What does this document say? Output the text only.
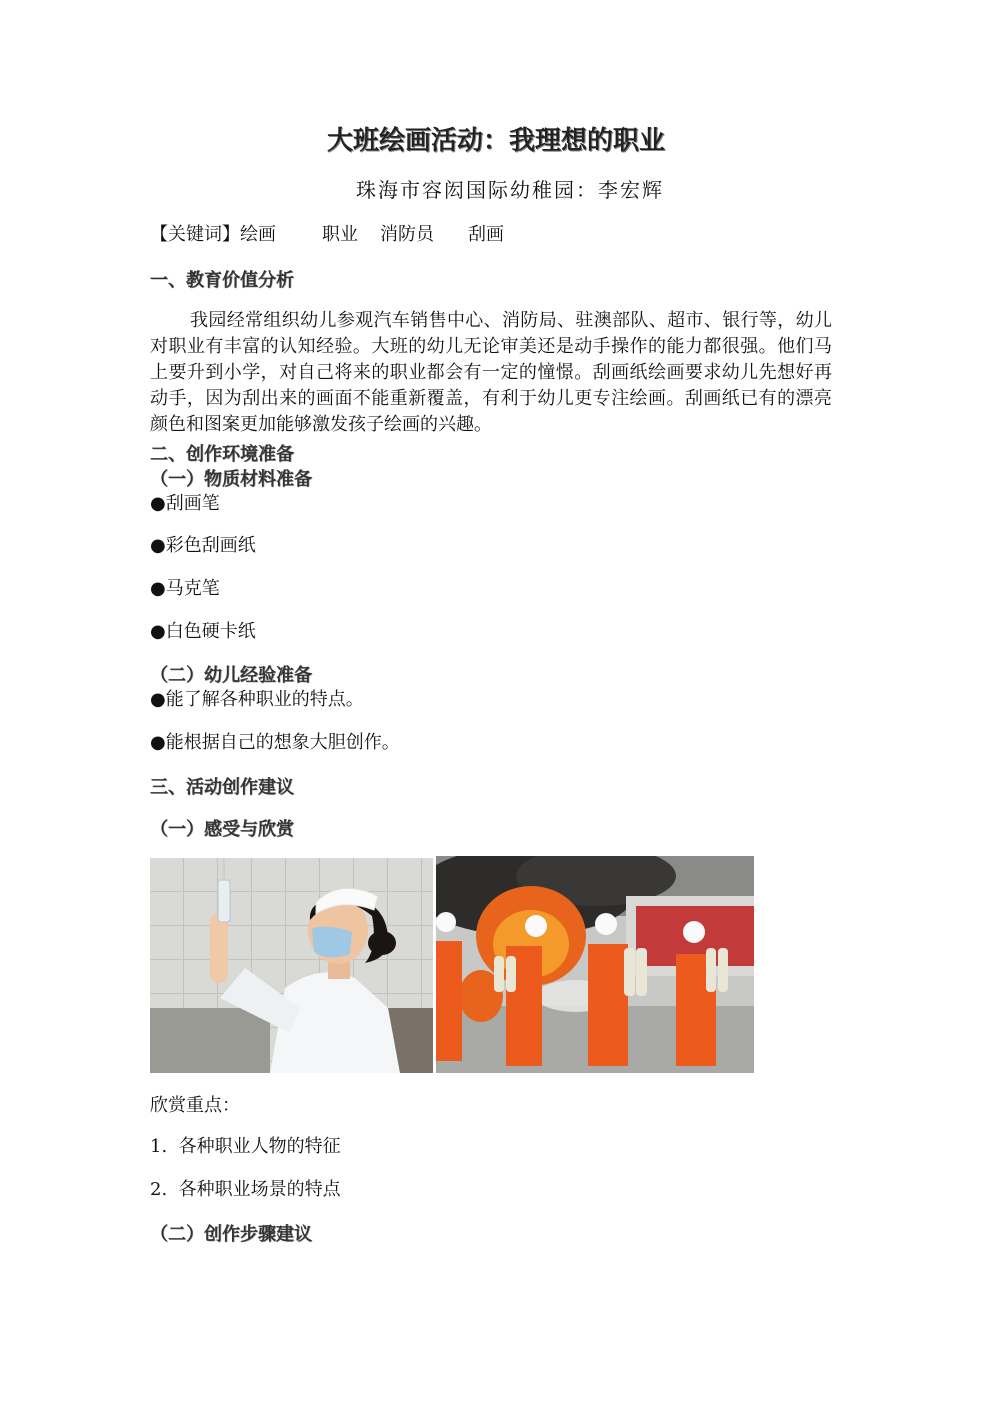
大班绘画活动：我理想的职业
珠海市容闳国际幼稚园：李宏辉
【关键词】绘画	职业 消防员 刮画
一、教育价值分析
我园经常组织幼儿参观汽车销售中心、消防局、驻澳部队、超市、银行等，幼儿对职业有丰富的认知经验。大班的幼儿无论审美还是动手操作的能力都很强。他们马上要升到小学，对自己将来的职业都会有一定的憧憬。刮画纸绘画要求幼儿先想好再动手，因为刮出来的画面不能重新覆盖，有利于幼儿更专注绘画。刮画纸已有的漂亮颜色和图案更加能够激发孩子绘画的兴趣。
二、创作环境准备
（一）物质材料准备
●刮画笔
●彩色刮画纸
●马克笔
●白色硬卡纸
（二）幼儿经验准备
●能了解各种职业的特点。
●能根据自己的想象大胆创作。
三、活动创作建议
（一）感受与欣赏
欣赏重点：
1.  各种职业人物的特征
2.  各种职业场景的特点
（二）创作步骤建议
